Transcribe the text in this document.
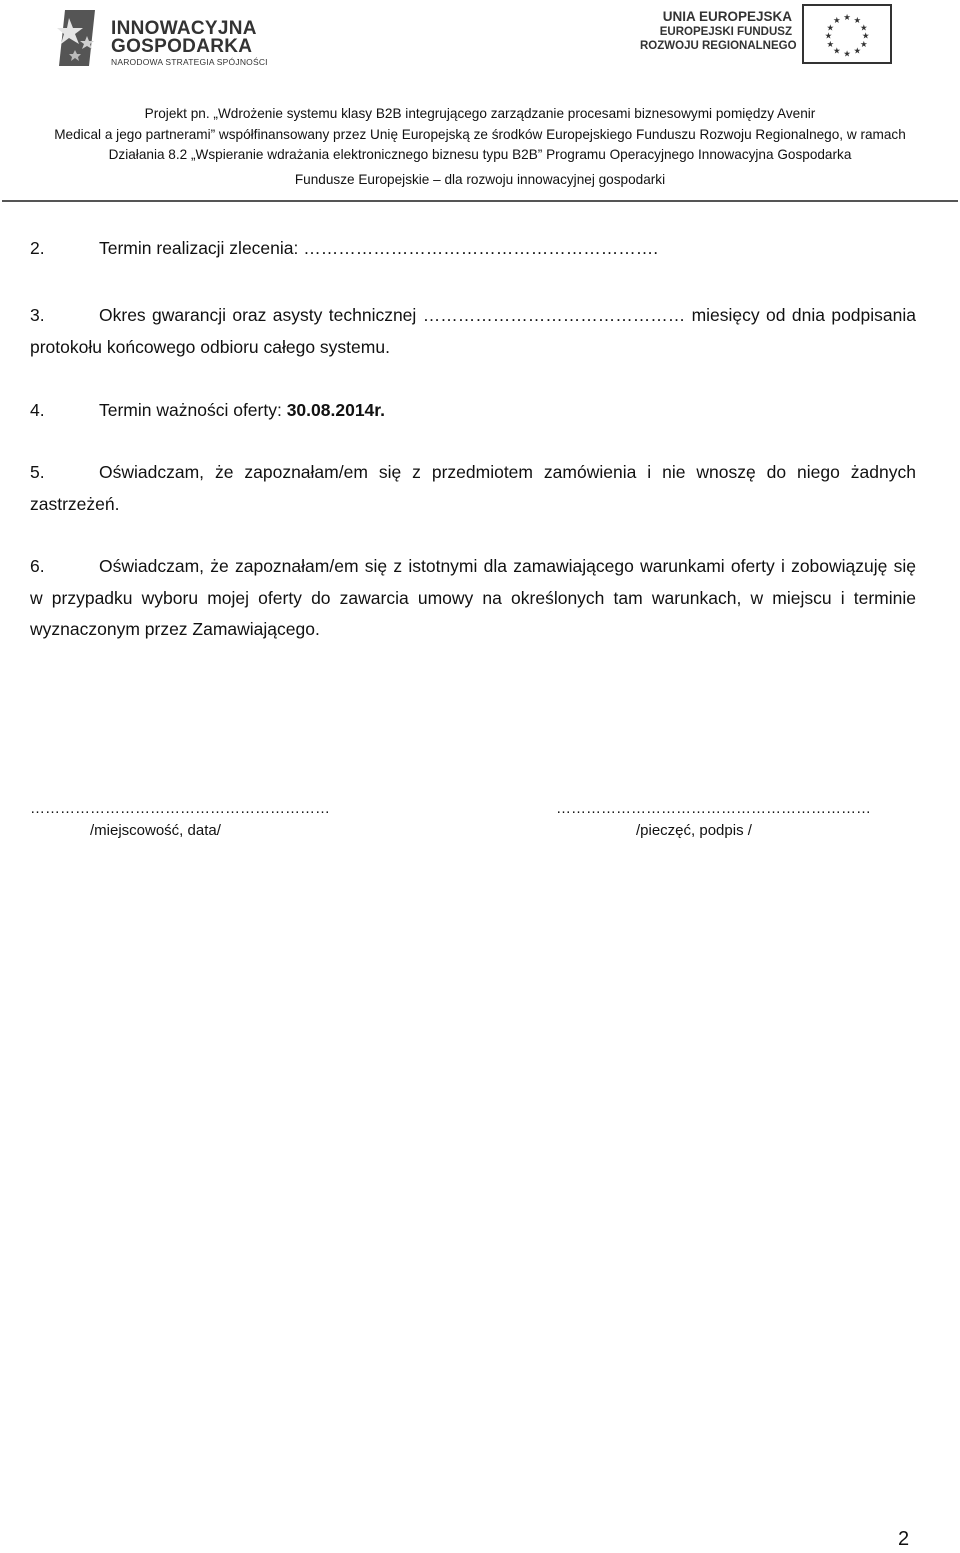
INNOWACYJNA
GOSPODARKA
NARODOWA STRATEGIA SPÓJNOŚCI
UNIA EUROPEJSKA
EUROPEJSKI FUNDUSZ
ROZWOJU REGIONALNEGO
★ ★
★
★
★
★
★
★
★
★
★
★
Projekt pn. „Wdrożenie systemu klasy B2B integrującego zarządzanie procesami biznesowymi pomiędzy Avenir
Medical a jego partnerami” współfinansowany przez Unię Europejską ze środków Europejskiego Funduszu Rozwoju Regionalnego, w ramach
Działania 8.2 „Wspieranie wdrażania elektronicznego biznesu typu B2B” Programu Operacyjnego Innowacyjna Gospodarka
Fundusze Europejskie – dla rozwoju innowacyjnej gospodarki
2.	Termin realizacji zlecenia: …………………………………………………….
3.	Okres gwarancji oraz asysty technicznej ……………………………………… miesięcy od dnia podpisania protokołu końcowego odbioru całego systemu.
4.	Termin ważności oferty: 30.08.2014r.
5.	Oświadczam, że zapoznałam/em się z przedmiotem zamówienia i nie wnoszę do niego żadnych zastrzeżeń.
6.	Oświadczam, że zapoznałam/em się z istotnymi dla zamawiającego warunkami oferty i zobowiązuję się w przypadku wyboru mojej oferty do zawarcia umowy na określonych tam warunkach, w miejscu i terminie wyznaczonym przez Zamawiającego.
……………………………………………………
/miejscowość, data/
………………………………………………………
/pieczęć, podpis /
2
